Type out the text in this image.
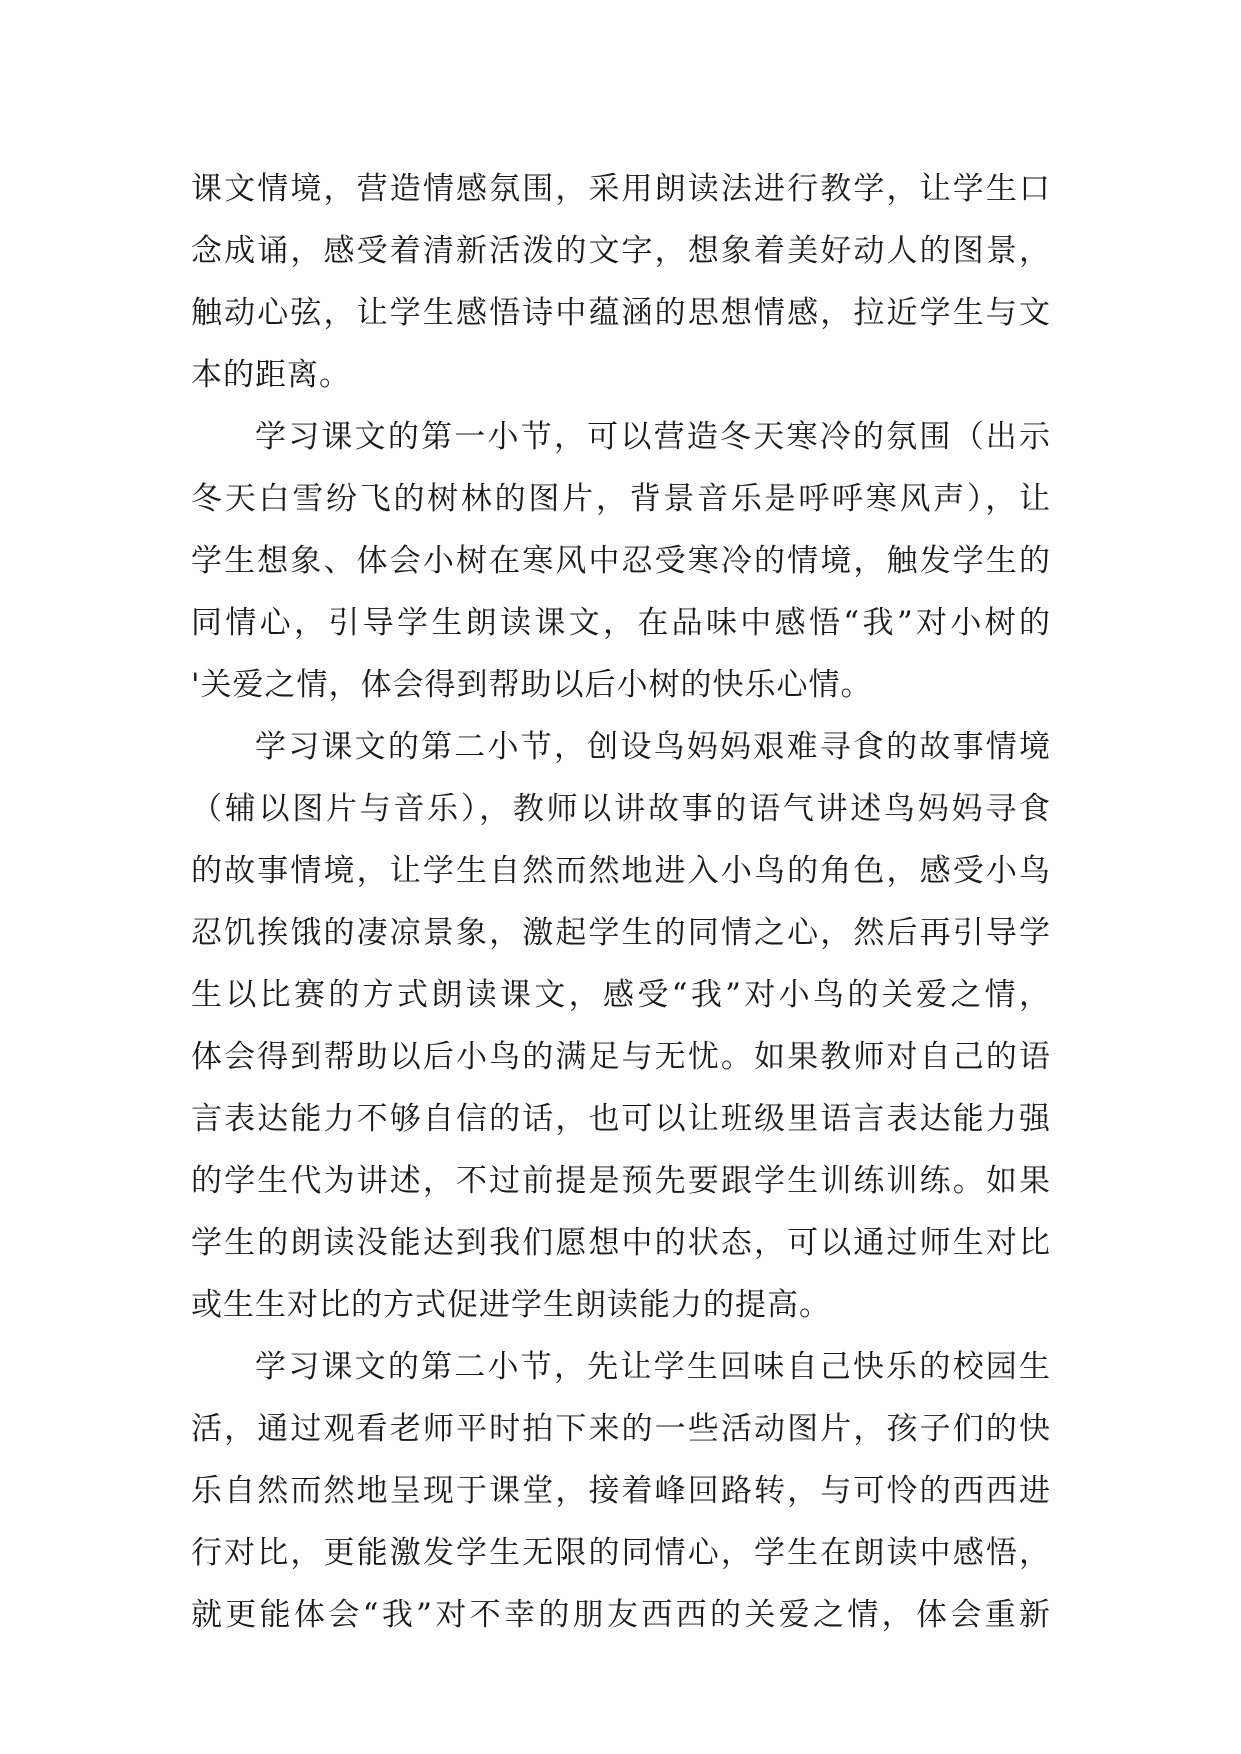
课文情境，营造情感氛围，采用朗读法进行教学，让学生口
念成诵，感受着清新活泼的文字，想象着美好动人的图景，
触动心弦，让学生感悟诗中蕴涵的思想情感，拉近学生与文
本的距离。
学习课文的第一小节，可以营造冬天寒冷的氛围（出示
冬天白雪纷飞的树林的图片，背景音乐是呼呼寒风声），让
学生想象、体会小树在寒风中忍受寒冷的情境，触发学生的
同情心，引导学生朗读课文，在品味中感悟“我”对小树的
'关爱之情，体会得到帮助以后小树的快乐心情。
学习课文的第二小节，创设鸟妈妈艰难寻食的故事情境
（辅以图片与音乐），教师以讲故事的语气讲述鸟妈妈寻食
的故事情境，让学生自然而然地进入小鸟的角色，感受小鸟
忍饥挨饿的凄凉景象，激起学生的同情之心，然后再引导学
生以比赛的方式朗读课文，感受“我”对小鸟的关爱之情，
体会得到帮助以后小鸟的满足与无忧。如果教师对自己的语
言表达能力不够自信的话，也可以让班级里语言表达能力强
的学生代为讲述，不过前提是预先要跟学生训练训练。如果
学生的朗读没能达到我们愿想中的状态，可以通过师生对比
或生生对比的方式促进学生朗读能力的提高。
学习课文的第二小节，先让学生回味自己快乐的校园生
活，通过观看老师平时拍下来的一些活动图片，孩子们的快
乐自然而然地呈现于课堂，接着峰回路转，与可怜的西西进
行对比，更能激发学生无限的同情心，学生在朗读中感悟，
就更能体会“我”对不幸的朋友西西的关爱之情，体会重新
